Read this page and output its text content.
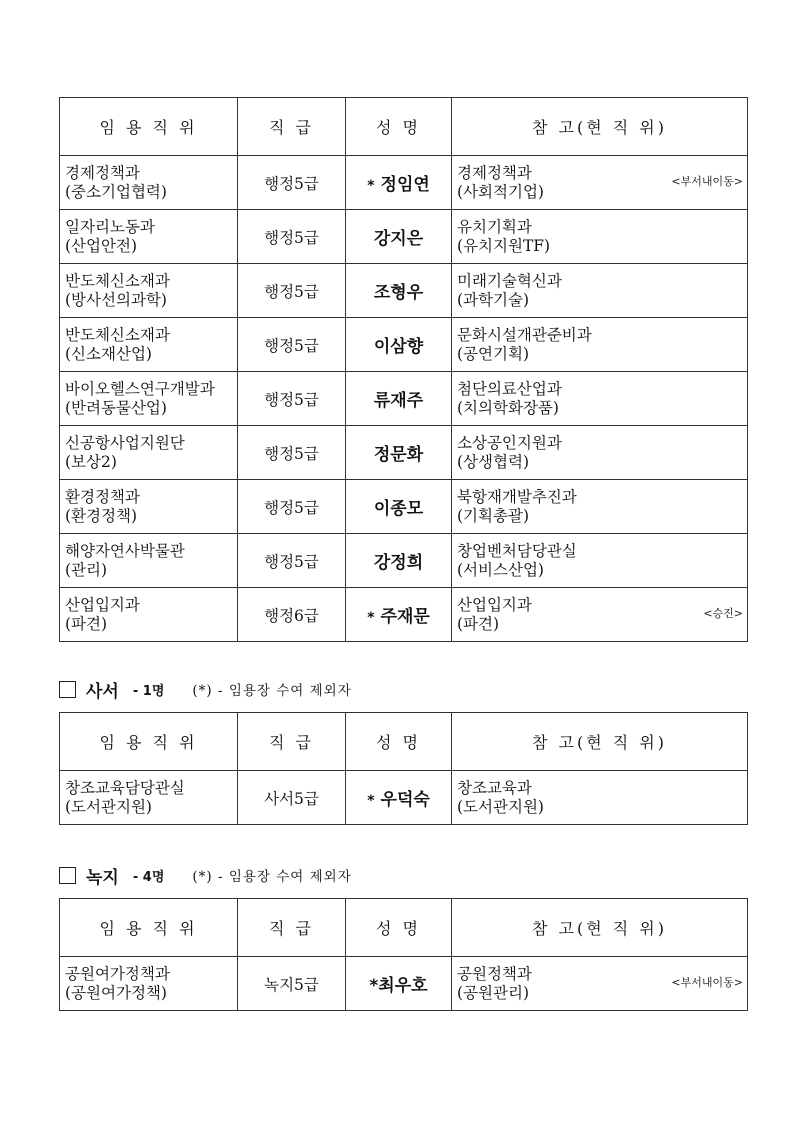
임 용 직 위	직 급	성 명	참 고(현 직 위)

경제정책과
(중소기업협력)	행정5급	* 정임연	경제정책과
(사회적기업)
<부서내이동>

일자리노동과
(산업안전)	행정5급	강지은	유치기획과
(유치지원TF)

반도체신소재과
(방사선의과학)	행정5급	조형우	미래기술혁신과
(과학기술)

반도체신소재과
(신소재산업)	행정5급	이삼향	문화시설개관준비과
(공연기획)

바이오헬스연구개발과
(반려동물산업)	행정5급	류재주	첨단의료산업과
(치의학화장품)

신공항사업지원단
(보상2)	행정5급	정문화	소상공인지원과
(상생협력)

환경정책과
(환경정책)	행정5급	이종모	북항재개발추진과
(기획총괄)

해양자연사박물관
(관리)	행정5급	강정희	창업벤처담당관실
(서비스산업)

산업입지과
(파견)	행정6급	* 주재문	산업입지과
(파견)
<승진>
사서 - 1명 (*) - 임용장 수여 제외자
임 용 직 위	직 급	성 명	참 고(현 직 위)

창조교육담당관실
(도서관지원)	사서5급	* 우덕숙	창조교육과
(도서관지원)
녹지 - 4명 (*) - 임용장 수여 제외자
임 용 직 위	직 급	성 명	참 고(현 직 위)

공원여가정책과
(공원여가정책)	녹지5급	*최우호	공원정책과
(공원관리)
<부서내이동>
